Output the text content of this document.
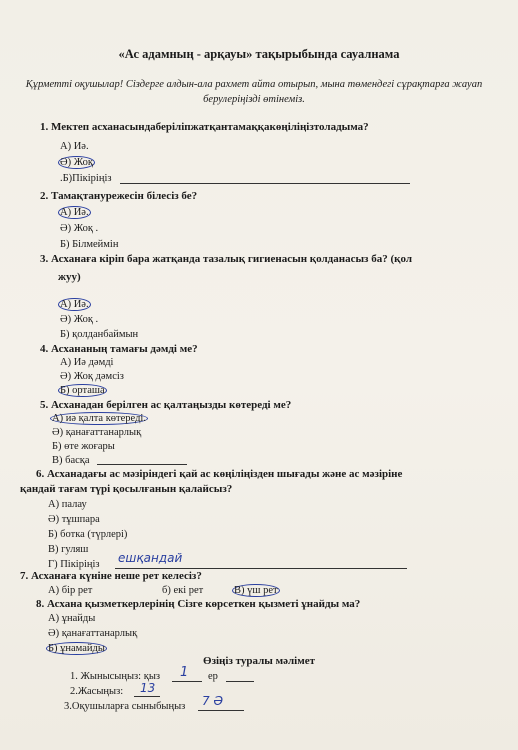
«Ас адамның - арқауы» тақырыбында сауалнама
Құрметті оқушылар! Сіздерге алдын-ала рахмет айта отырып, мына төмендегі сұрақтарға жауап берулеріңізді өтінеміз.
1. Мектеп асханасындаберіліпжатқантамаққакөңіліңізтоладыма?
А) Иә.
Ә) Жоқ
.Б)Пікіріңіз
2. Тамақтанурежесін білесіз бе?
А) Иә.
Ә) Жоқ .
Б) Білмеймін
3. Асханаға кіріп бара жатқанда тазалық гигиенасын қолданасыз ба? (қол
жуу)
А) Иә.
Ә) Жоқ .
Б) қолданбаймын
4. Асхананың тамағы дәмді ме?
А) Иә дәмді
Ә) Жоқ дәмсіз
Б) орташа
5. Асханадан берілген ас қалтаңызды көтереді ме?
А) иә қалта көтереді.
Ә) қанағаттанарлық
Б) өте жоғары
В) басқа
6. Асханадағы ас мәзіріндегі қай ас көңіліңізден шығады және ас мәзіріне
қандай тағам түрі қосылғанын қалайсыз?
А) палау
Ә) тұшпара
Б) ботка (түрлері)
В) гуляш
Г) Пікіріңіз ешқандай
7. Асханаға күніне неше рет келесіз?
А) бір рет	б) екі рет	В) үш рет
8. Асхана қызметкерлерінің Сізге көрсеткен қызметі ұнайды ма?
А) ұнайды
Ә) қанағаттанарлық
Б) ұнамайды
Өзіңіз туралы мәлімет
1. Жынысыңыз: қыз 1 ер
2.Жасыңыз: 13
3.Оқушыларға сыныбыңыз 7 Ә
